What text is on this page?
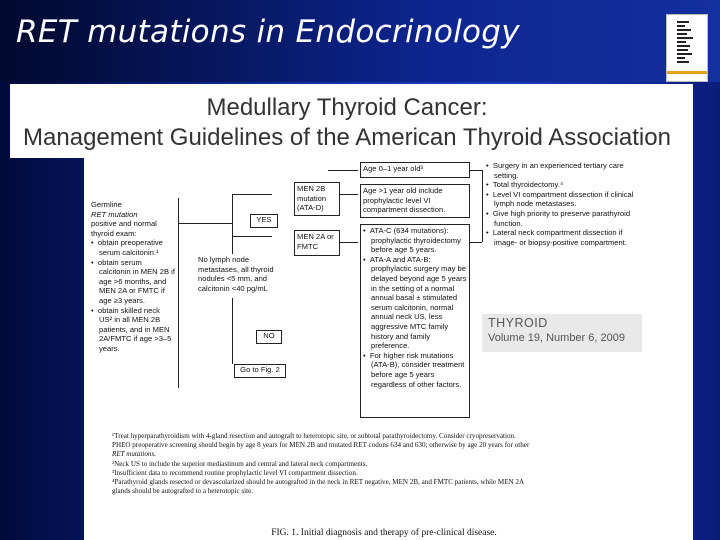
RET mutations in Endocrinology
Medullary Thyroid Cancer:
Management Guidelines of the American Thyroid Association

Germline

RET mutation

positive and normal

thyroid exam:

•  obtain preoperative serum calcitonin.¹

•  obtain serum calcitonin in MEN 2B if age >6 months, and MEN 2A or FMTC if age ≥3 years.

•  obtain skilled neck US² in all MEN 2B patients, and in MEN 2A/FMTC if age >3–5 years.

YES
No lymph node metastases, all thyroid nodules <5 mm, and calcitonin <40 pg/mL
NO
Go to Fig. 2
MEN 2B mutation (ATA-D)
MEN 2A or FMTC
Age 0–1 year old³
Age >1 year old include prophylactic level VI compartment dissection.

•  ATA-C (634 mutations): prophylactic thyroidectomy before age 5 years.

•  ATA-A and ATA-B: prophylactic surgery may be delayed beyond age 5 years in the setting of a normal annual basal ± stimulated serum calcitonin, normal annual neck US, less aggressive MTC family history and family preference.

•  For higher risk mutations (ATA-B), consider treatment before age 5 years regardless of other factors.

•  Surgery in an experienced tertiary care setting.

•  Total thyroidectomy.⁴

•  Level VI compartment dissection if clinical lymph node metastases.

•  Give high priority to preserve parathyroid function.

•  Lateral neck compartment dissection if image- or biopsy-positive compartment.

THYROID
Volume 19, Number 6, 2009

¹Treat hyperparathyroidism with 4-gland resection and autograft to heterotopic site, or subtotal parathyroidectomy. Consider cryopreservation.

PHEO preoperative screening should begin by age 8 years for MEN 2B and mutated RET codons 634 and 630; otherwise by age 20 years for other

RET mutations.

²Neck US to include the superior mediastinum and central and lateral neck compartments.

³Insufficient data to recommend routine prophylactic level VI compartment dissection.

⁴Parathyroid glands resected or devascularized should be autografted in the neck in RET negative, MEN 2B, and FMTC patients, while MEN 2A

glands should be autografted to a heterotopic site.

FIG. 1. Initial diagnosis and therapy of pre-clinical disease.
